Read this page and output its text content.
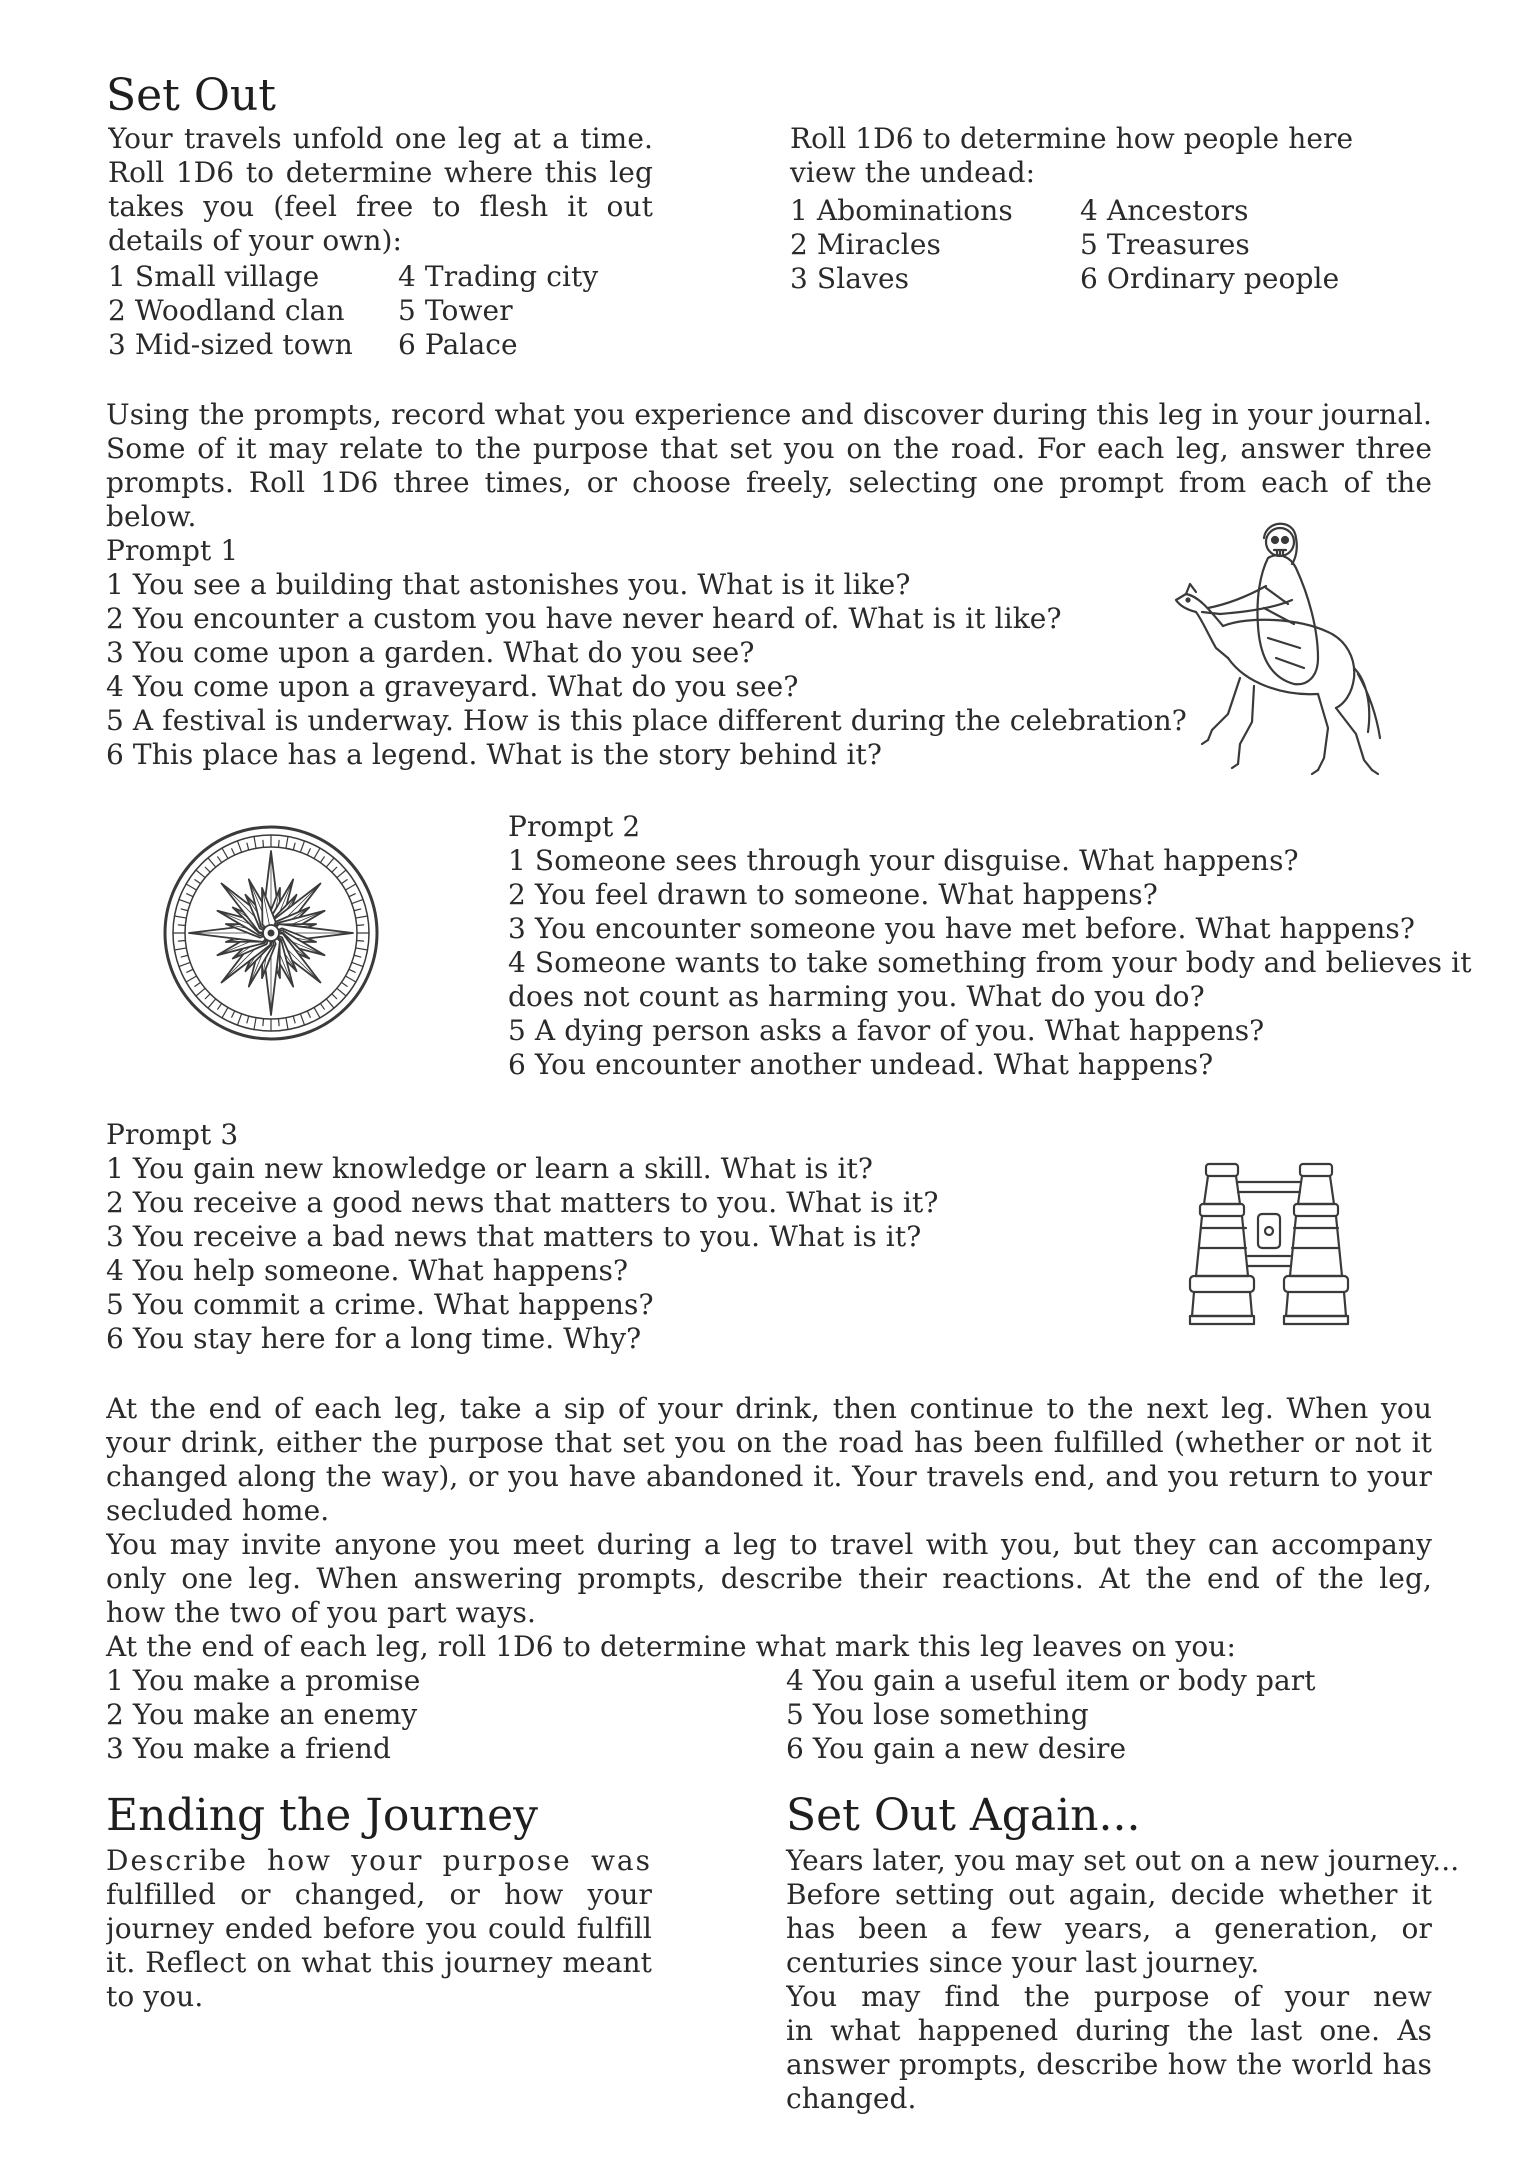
Set Out
Your travels unfold one leg at a time.
Roll 1D6 to determine where this leg
takes you (feel free to flesh it out
details of your own):
1 Small village
2 Woodland clan
3 Mid-sized town
4 Trading city
5 Tower
6 Palace
Roll 1D6 to determine how people here
view the undead:
1 Abominations
2 Miracles
3 Slaves
4 Ancestors
5 Treasures
6 Ordinary people
Using the prompts, record what you experience and discover during this leg in your journal.
Some of it may relate to the purpose that set you on the road. For each leg, answer three
prompts. Roll 1D6 three times, or choose freely, selecting one prompt from each of the
below.
Prompt 1
1 You see a building that astonishes you. What is it like?
2 You encounter a custom you have never heard of. What is it like?
3 You come upon a garden. What do you see?
4 You come upon a graveyard. What do you see?
5 A festival is underway. How is this place different during the celebration?
6 This place has a legend. What is the story behind it?
Prompt 2
1 Someone sees through your disguise. What happens?
2 You feel drawn to someone. What happens?
3 You encounter someone you have met before. What happens?
4 Someone wants to take something from your body and believes it
does not count as harming you. What do you do?
5 A dying person asks a favor of you. What happens?
6 You encounter another undead. What happens?
Prompt 3
1 You gain new knowledge or learn a skill. What is it?
2 You receive a good news that matters to you. What is it?
3 You receive a bad news that matters to you. What is it?
4 You help someone. What happens?
5 You commit a crime. What happens?
6 You stay here for a long time. Why?
At the end of each leg, take a sip of your drink, then continue to the next leg. When you
your drink, either the purpose that set you on the road has been fulfilled (whether or not it
changed along the way), or you have abandoned it. Your travels end, and you return to your
secluded home.
You may invite anyone you meet during a leg to travel with you, but they can accompany
only one leg. When answering prompts, describe their reactions. At the end of the leg,
how the two of you part ways.
At the end of each leg, roll 1D6 to determine what mark this leg leaves on you:
1 You make a promise
2 You make an enemy
3 You make a friend
4 You gain a useful item or body part
5 You lose something
6 You gain a new desire
Ending the Journey
Describe how your purpose was
fulfilled or changed, or how your
journey ended before you could fulfill
it. Reflect on what this journey meant
to you.
Set Out Again...
Years later, you may set out on a new journey...
Before setting out again, decide whether it
has been a few years, a generation, or
centuries since your last journey.
You may find the purpose of your new
in what happened during the last one. As
answer prompts, describe how the world has
changed.
